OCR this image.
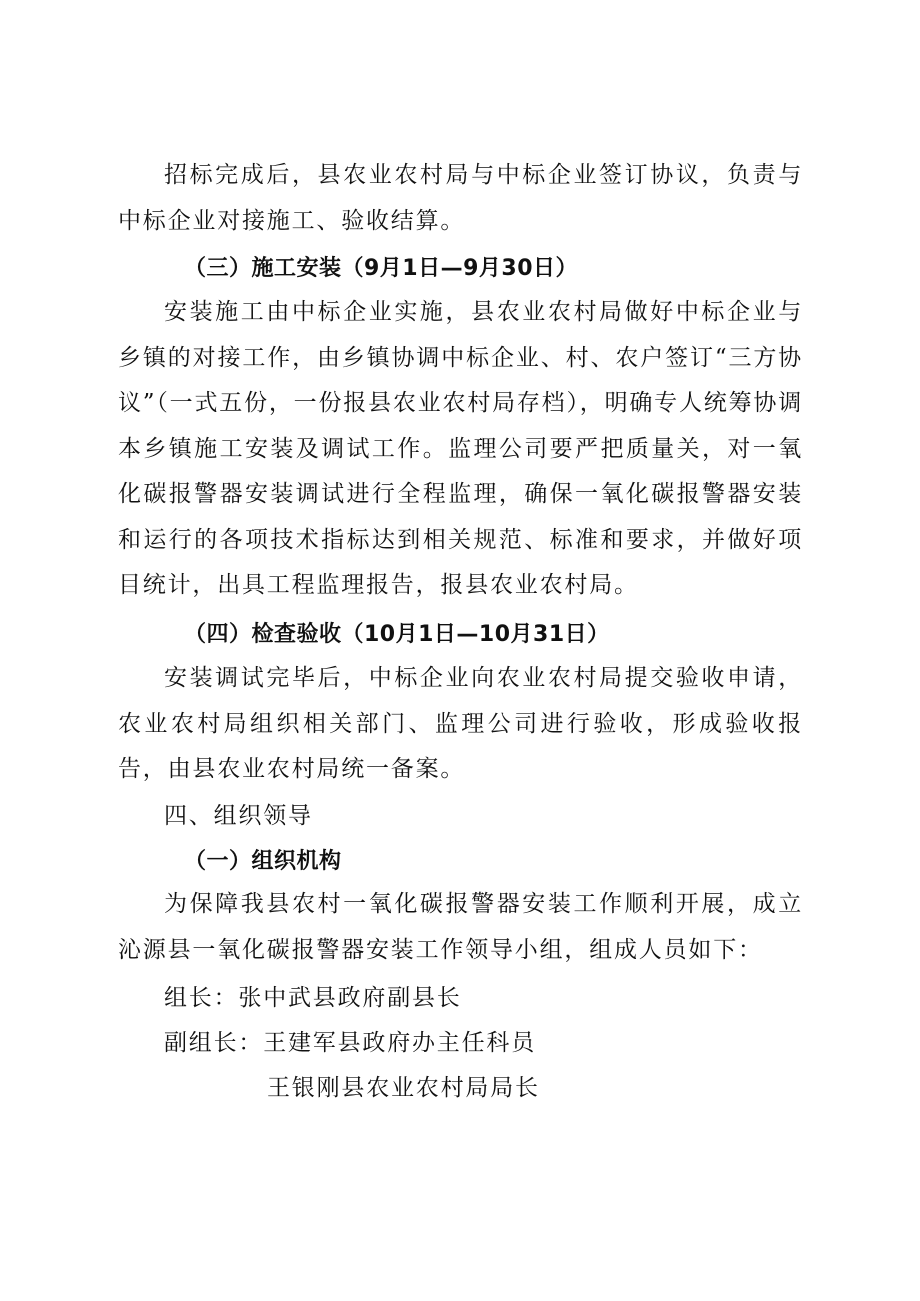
招标完成后，县农业农村局与中标企业签订协议，负责与中标企业对接施工、验收结算。

（三）施工安装（9月1日—9月30日）

安装施工由中标企业实施，县农业农村局做好中标企业与乡镇的对接工作，由乡镇协调中标企业、村、农户签订“三方协议”（一式五份，一份报县农业农村局存档），明确专人统筹协调本乡镇施工安装及调试工作。监理公司要严把质量关，对一氧化碳报警器安装调试进行全程监理，确保一氧化碳报警器安装和运行的各项技术指标达到相关规范、标准和要求，并做好项目统计，出具工程监理报告，报县农业农村局。

（四）检查验收（10月1日—10月31日）

安装调试完毕后，中标企业向农业农村局提交验收申请，农业农村局组织相关部门、监理公司进行验收，形成验收报告，由县农业农村局统一备案。

四、组织领导

（一）组织机构

为保障我县农村一氧化碳报警器安装工作顺利开展，成立沁源县一氧化碳报警器安装工作领导小组，组成人员如下：

组长：张中武县政府副县长

副组长：王建军县政府办主任科员

王银刚县农业农村局局长
